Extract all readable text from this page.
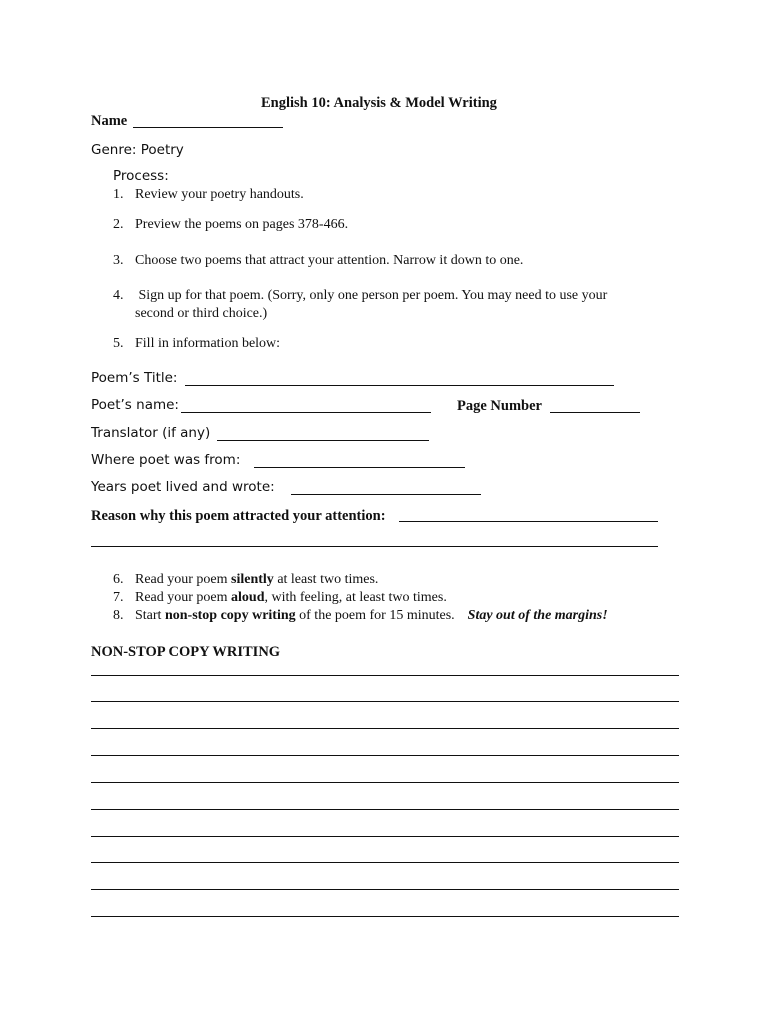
English 10: Analysis & Model Writing
Name
Genre: Poetry
Process:
1. Review your poetry handouts.
2. Preview the poems on pages 378-466.
3. Choose two poems that attract your attention. Narrow it down to one.
4. Sign up for that poem. (Sorry, only one person per poem. You may need to use your
second or third choice.)
5. Fill in information below:
Poem’s Title:
Poet’s name:	Page Number
Translator (if any)
Where poet was from:
Years poet lived and wrote:
Reason why this poem attracted your attention:
6. Read your poem silently at least two times.
7. Read your poem aloud, with feeling, at least two times.
8. Start non-stop copy writing of the poem for 15 minutes. Stay out of the margins!
NON-STOP COPY WRITING
